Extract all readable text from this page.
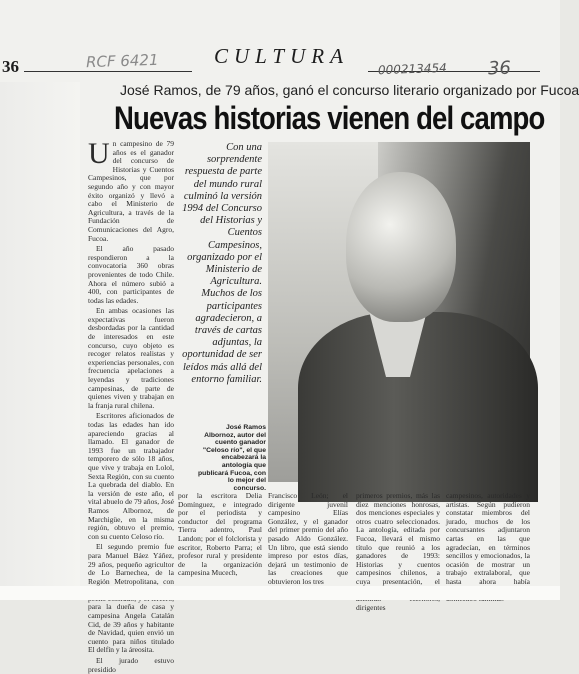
36	CULTURA
RCF 6421	000213454 36
José Ramos, de 79 años, ganó el concurso literario organizado por Fucoa
Nuevas historias vienen del campo

Un campesino de 79 años es el ganador del concurso de Historias y Cuentos Campesinos, que por segundo año y con mayor éxito organizó y llevó a cabo el Ministerio de Agricultura, a través de la Fundación de Comunicaciones del Agro, Fucoa.

El año pasado respondieron a la convocatoria 360 obras provenientes de todo Chile. Ahora el número subió a 400, con participantes de todas las edades.

En ambas ocasiones las expectativas fueron desbordadas por la cantidad de interesados en este concurso, cuyo objeto es recoger relatos realistas y experiencias personales, con frecuencia apelaciones a leyendas y tradiciones campesinas, de parte de quienes viven y trabajan en la franja rural chilena.

Escritores aficionados de todas las edades han ido apareciendo gracias al llamado. El ganador de 1993 fue un trabajador temporero de sólo 18 años, que vive y trabaja en Lolol, Sexta Región, con su cuento La quebrada del diablo. En la versión de este año, el vital abuelo de 79 años, José Ramos Albornoz, de Marchigüe, en la misma región, obtuvo el premio, con su cuento Celoso río.

El segundo premio fue para Manuel Báez Yáñez, 29 años, pequeño agricultor de Lo Barnechea, de la Región Metropolitana, con para la dueña de casa y campesina Angela Catalán Cid, de 39 años y habitante de Navidad, quien envió un cuento para niños titulado El delfín y la áreosita.

El jurado estuvo presidido

Con una sorprendente respuesta de parte del mundo rural culminó la versión 1994 del Concurso del Historias y Cuentos Campesinos, organizado por el Ministerio de Agricultura. Muchos de los participantes agradecieron, a través de cartas adjuntas, la oportunidad de ser leídos más allá del entorno familiar.
José Ramos Albornoz, autor del cuento ganador "Celoso río", el que encabezará la antología que publicará Fucoa, con lo mejor del concurso.

por la escritora Delia Domínguez, e integrado por el periodista y conductor del programa Tierra adentro, Paul Landon; por el folclorista y escritor, Roberto Parra; el profesor rural y presidente de la organización campesina Mucech,

Francisco León; el dirigente juvenil campesino Elías González, y el ganador del primer premio del año pasado Aldo González. Un libro, que está siendo impreso por estos días, dejará un testimonio de las creaciones que obtuvieron los tres

primeros premios, más las diez menciones honrosas, dos menciones especiales y otros cuatro seleccionados. La antología, editada por Fucoa, llevará el mismo título que reunió a los ganadores de 1993: Historias y cuentos campesinos chilenos, a cuya presentación, el dirigentes

campesinos, autoridades y artistas. Según pudieron constatar miembros del jurado, muchos de los concursantes adjuntaron cartas en las que agradecían, en términos sencillos y emocionados, la ocasión de mostrar un trabajo extralaboral, que hasta ahora había
